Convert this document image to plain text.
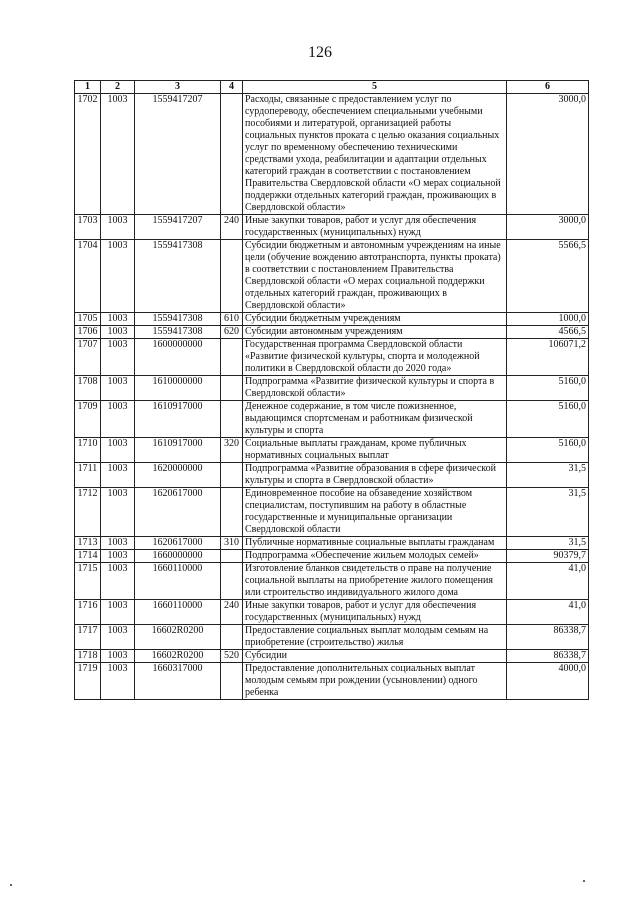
126
1	2	3	4	5	6
1702	1003	1559417207		Расходы, связанные с предоставлением услуг по сурдопереводу, обеспечением специальными учебными пособиями и литературой, организацией работы социальных пунктов проката с целью оказания социальных услуг по временному обеспечению техническими средствами ухода, реабилитации и адаптации отдельных категорий граждан в соответствии с постановлением Правительства Свердловской области «О мерах социальной поддержки отдельных категорий граждан, проживающих в Свердловской области»	3000,0
1703	1003	1559417207	240	Иные закупки товаров, работ и услуг для обеспечения государственных (муниципальных) нужд	3000,0
1704	1003	1559417308		Субсидии бюджетным и автономным учреждениям на иные цели (обучение вождению автотранспорта, пункты проката) в соответствии с постановлением Правительства Свердловской области «О мерах социальной поддержки отдельных категорий граждан, проживающих в Свердловской области»	5566,5
1705	1003	1559417308	610	Субсидии бюджетным учреждениям	1000,0
1706	1003	1559417308	620	Субсидии автономным учреждениям	4566,5
1707	1003	1600000000		Государственная программа Свердловской области «Развитие физической культуры, спорта и молодежной политики в Свердловской области до 2020 года»	106071,2
1708	1003	1610000000		Подпрограмма «Развитие физической культуры и спорта в Свердловской области»	5160,0
1709	1003	1610917000		Денежное содержание, в том числе пожизненное, выдающимся спортсменам и работникам физической культуры и спорта	5160,0
1710	1003	1610917000	320	Социальные выплаты гражданам, кроме публичных нормативных социальных выплат	5160,0
1711	1003	1620000000		Подпрограмма «Развитие образования в сфере физической культуры и спорта в Свердловской области»	31,5
1712	1003	1620617000		Единовременное пособие на обзаведение хозяйством специалистам, поступившим на работу в областные государственные и муниципальные организации Свердловской области	31,5
1713	1003	1620617000	310	Публичные нормативные социальные выплаты гражданам	31,5
1714	1003	1660000000		Подпрограмма «Обеспечение жильем молодых семей»	90379,7
1715	1003	1660110000		Изготовление бланков свидетельств о праве на получение социальной выплаты на приобретение жилого помещения или строительство индивидуального жилого дома	41,0
1716	1003	1660110000	240	Иные закупки товаров, работ и услуг для обеспечения государственных (муниципальных) нужд	41,0
1717	1003	16602R0200		Предоставление социальных выплат молодым семьям на приобретение (строительство) жилья	86338,7
1718	1003	16602R0200	520	Субсидии	86338,7
1719	1003	1660317000		Предоставление дополнительных социальных выплат молодым семьям при рождении (усыновлении) одного ребенка	4000,0
